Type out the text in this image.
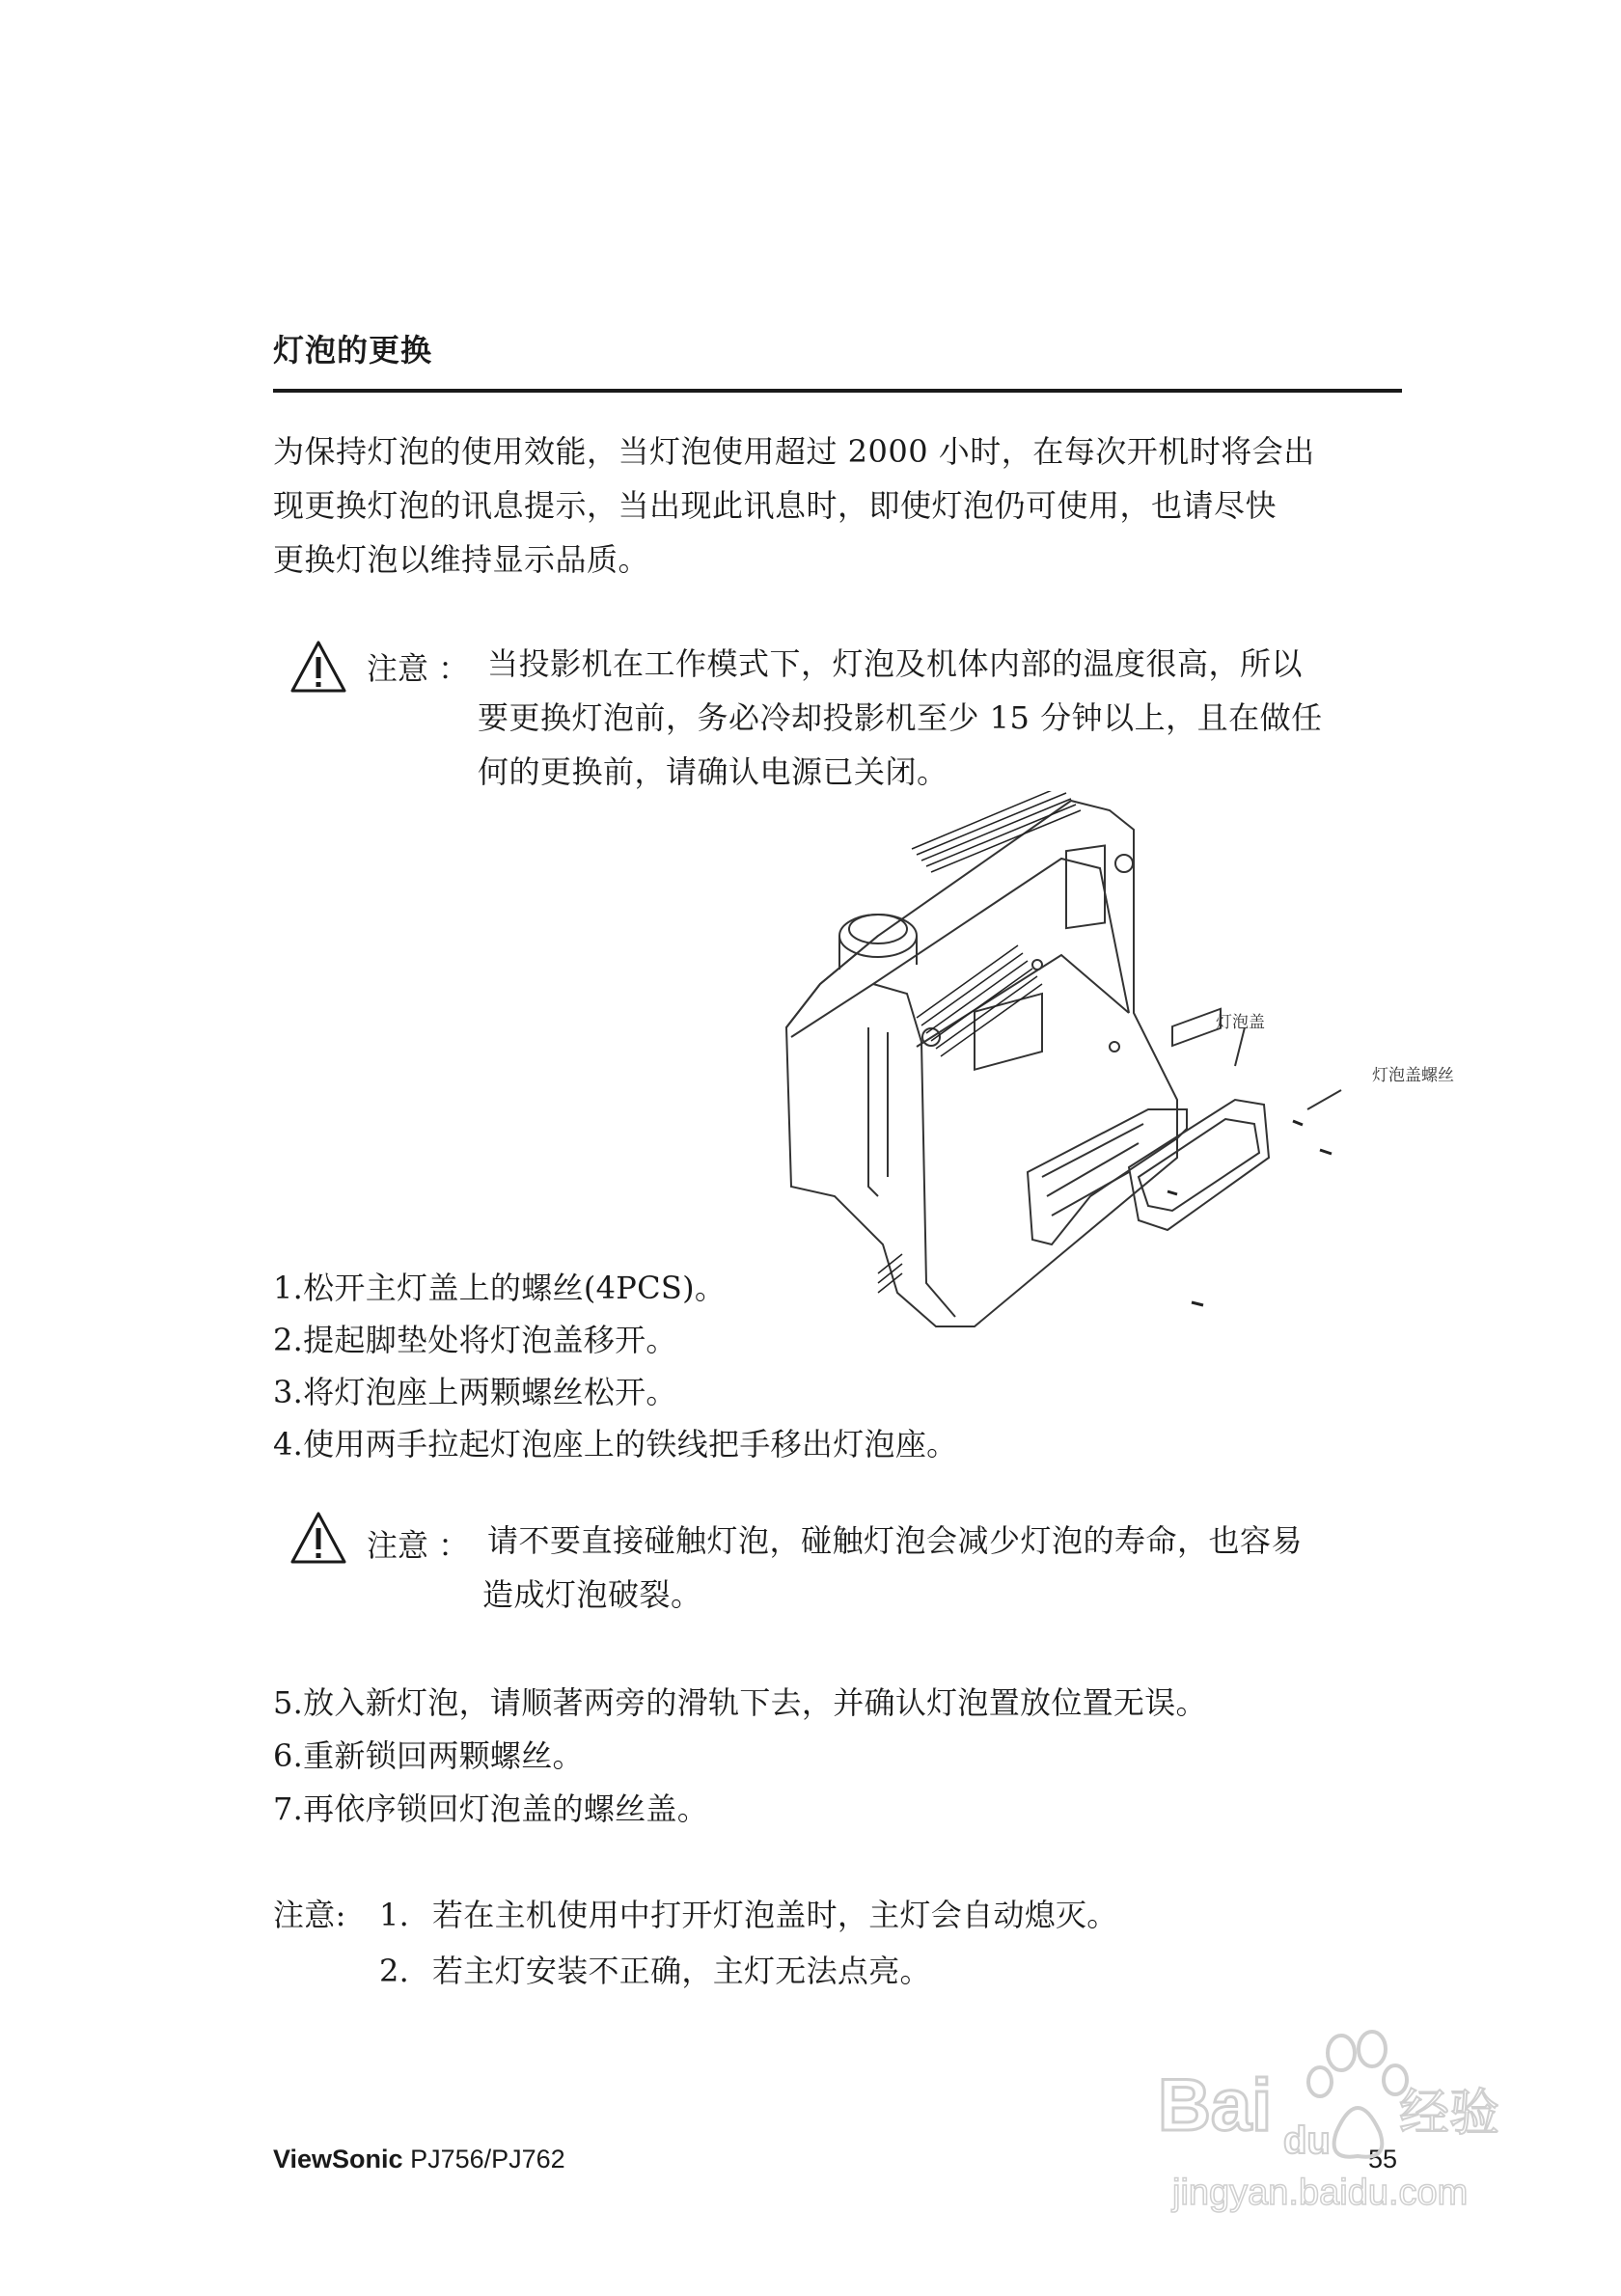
灯泡的更换
为保持灯泡的使用效能，当灯泡使用超过 2000 小时，在每次开机时将会出
现更换灯泡的讯息提示，当出现此讯息时，即使灯泡仍可使用，也请尽快
更换灯泡以维持显示品质。
注意 ： 当投影机在工作模式下，灯泡及机体内部的温度很高，所以
要更换灯泡前，务必冷却投影机至少 15 分钟以上，且在做任
何的更换前，请确认电源已关闭。
灯泡盖
灯泡盖螺丝
1.松开主灯盖上的螺丝(4PCS)。
2.提起脚垫处将灯泡盖移开。
3.将灯泡座上两颗螺丝松开。
4.使用两手拉起灯泡座上的铁线把手移出灯泡座。
注意 ： 请不要直接碰触灯泡，碰触灯泡会减少灯泡的寿命，也容易
造成灯泡破裂。
5.放入新灯泡，请顺著两旁的滑轨下去，并确认灯泡置放位置无误。
6.重新锁回两颗螺丝。
7.再依序锁回灯泡盖的螺丝盖。
注意: 1. 若在主机使用中打开灯泡盖时，主灯会自动熄灭。
2. 若主灯安装不正确，主灯无法点亮。
ViewSonic PJ756/PJ762	55
Bai du 经验
jingyan.baidu.com
